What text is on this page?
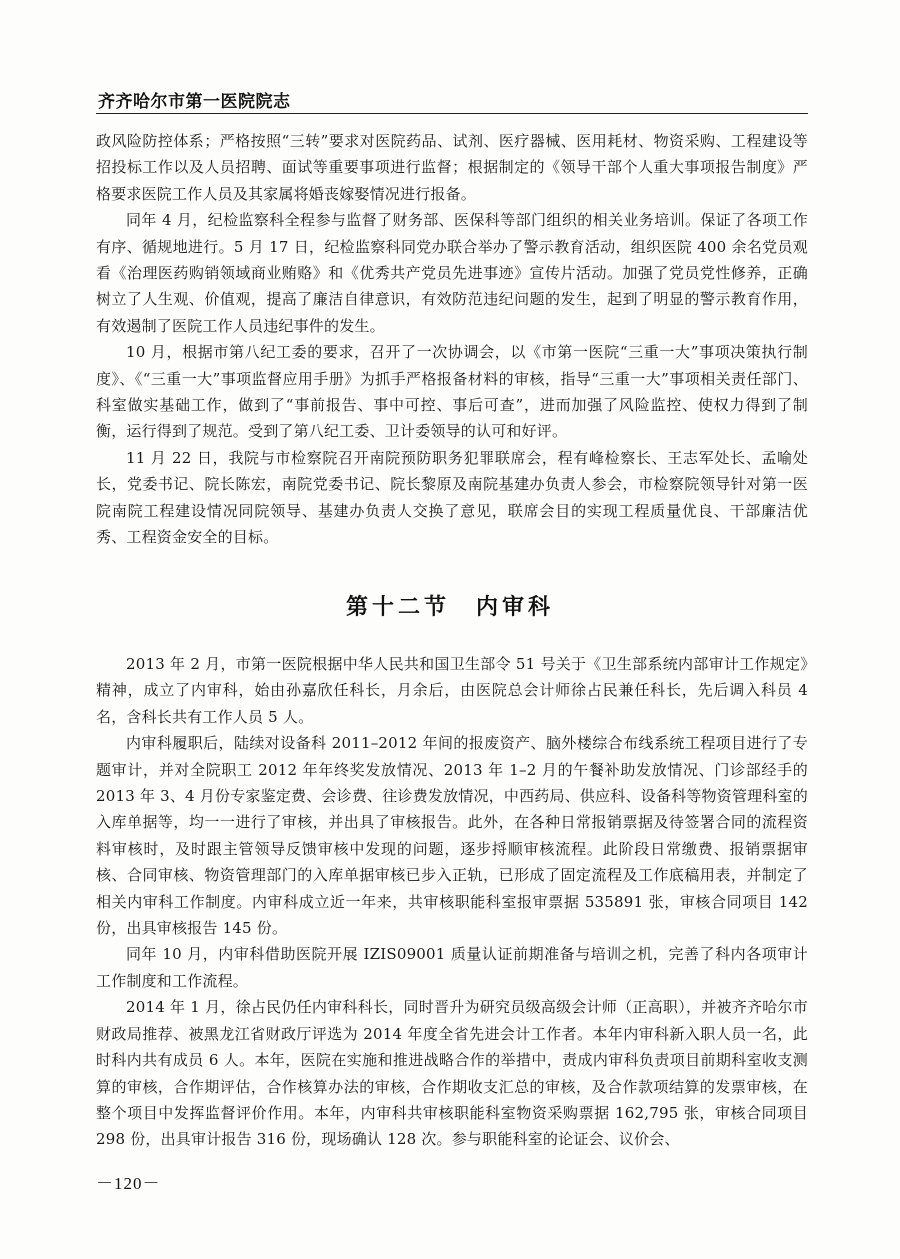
齐齐哈尔市第一医院院志

政风险防控体系；严格按照“三转”要求对医院药品、试剂、医疗器械、医用耗材、物资采购、工程建设等招投标工作以及人员招聘、面试等重要事项进行监督；根据制定的《领导干部个人重大事项报告制度》严格要求医院工作人员及其家属将婚丧嫁娶情况进行报备。

同年 4 月，纪检监察科全程参与监督了财务部、医保科等部门组织的相关业务培训。保证了各项工作有序、循规地进行。5 月 17 日，纪检监察科同党办联合举办了警示教育活动，组织医院 400 余名党员观看《治理医药购销领域商业贿赂》和《优秀共产党员先进事迹》宣传片活动。加强了党员党性修养，正确树立了人生观、价值观，提高了廉洁自律意识，有效防范违纪问题的发生，起到了明显的警示教育作用，有效遏制了医院工作人员违纪事件的发生。

10 月，根据市第八纪工委的要求，召开了一次协调会，以《市第一医院“三重一大”事项决策执行制度》、《“三重一大”事项监督应用手册》为抓手严格报备材料的审核，指导“三重一大”事项相关责任部门、科室做实基础工作，做到了“事前报告、事中可控、事后可查”，进而加强了风险监控、使权力得到了制衡，运行得到了规范。受到了第八纪工委、卫计委领导的认可和好评。

11 月 22 日，我院与市检察院召开南院预防职务犯罪联席会，程有峰检察长、王志军处长、孟喻处长，党委书记、院长陈宏，南院党委书记、院长黎原及南院基建办负责人参会，市检察院领导针对第一医院南院工程建设情况同院领导、基建办负责人交换了意见，联席会目的实现工程质量优良、干部廉洁优秀、工程资金安全的目标。

第十二节　内审科

2013 年 2 月，市第一医院根据中华人民共和国卫生部令 51 号关于《卫生部系统内部审计工作规定》精神，成立了内审科，始由孙嘉欣任科长，月余后，由医院总会计师徐占民兼任科长，先后调入科员 4 名，含科长共有工作人员 5 人。

内审科履职后，陆续对设备科 2011–2012 年间的报废资产、脑外楼综合布线系统工程项目进行了专题审计，并对全院职工 2012 年年终奖发放情况、2013 年 1–2 月的午餐补助发放情况、门诊部经手的 2013 年 3、4 月份专家鉴定费、会诊费、往诊费发放情况，中西药局、供应科、设备科等物资管理科室的入库单据等，均一一进行了审核，并出具了审核报告。此外，在各种日常报销票据及待签署合同的流程资料审核时，及时跟主管领导反馈审核中发现的问题，逐步捋顺审核流程。此阶段日常缴费、报销票据审核、合同审核、物资管理部门的入库单据审核已步入正轨，已形成了固定流程及工作底稿用表，并制定了相关内审科工作制度。内审科成立近一年来，共审核职能科室报审票据 535891 张，审核合同项目 142 份，出具审核报告 145 份。

同年 10 月，内审科借助医院开展 IZIS09001 质量认证前期准备与培训之机，完善了科内各项审计工作制度和工作流程。

2014 年 1 月，徐占民仍任内审科科长，同时晋升为研究员级高级会计师（正高职），并被齐齐哈尔市财政局推荐、被黑龙江省财政厅评选为 2014 年度全省先进会计工作者。本年内审科新入职人员一名，此时科内共有成员 6 人。本年，医院在实施和推进战略合作的举措中，责成内审科负责项目前期科室收支测算的审核，合作期评估，合作核算办法的审核，合作期收支汇总的审核，及合作款项结算的发票审核，在整个项目中发挥监督评价作用。本年，内审科共审核职能科室物资采购票据 162,795 张，审核合同项目 298 份，出具审计报告 316 份，现场确认 128 次。参与职能科室的论证会、议价会、

－120－
